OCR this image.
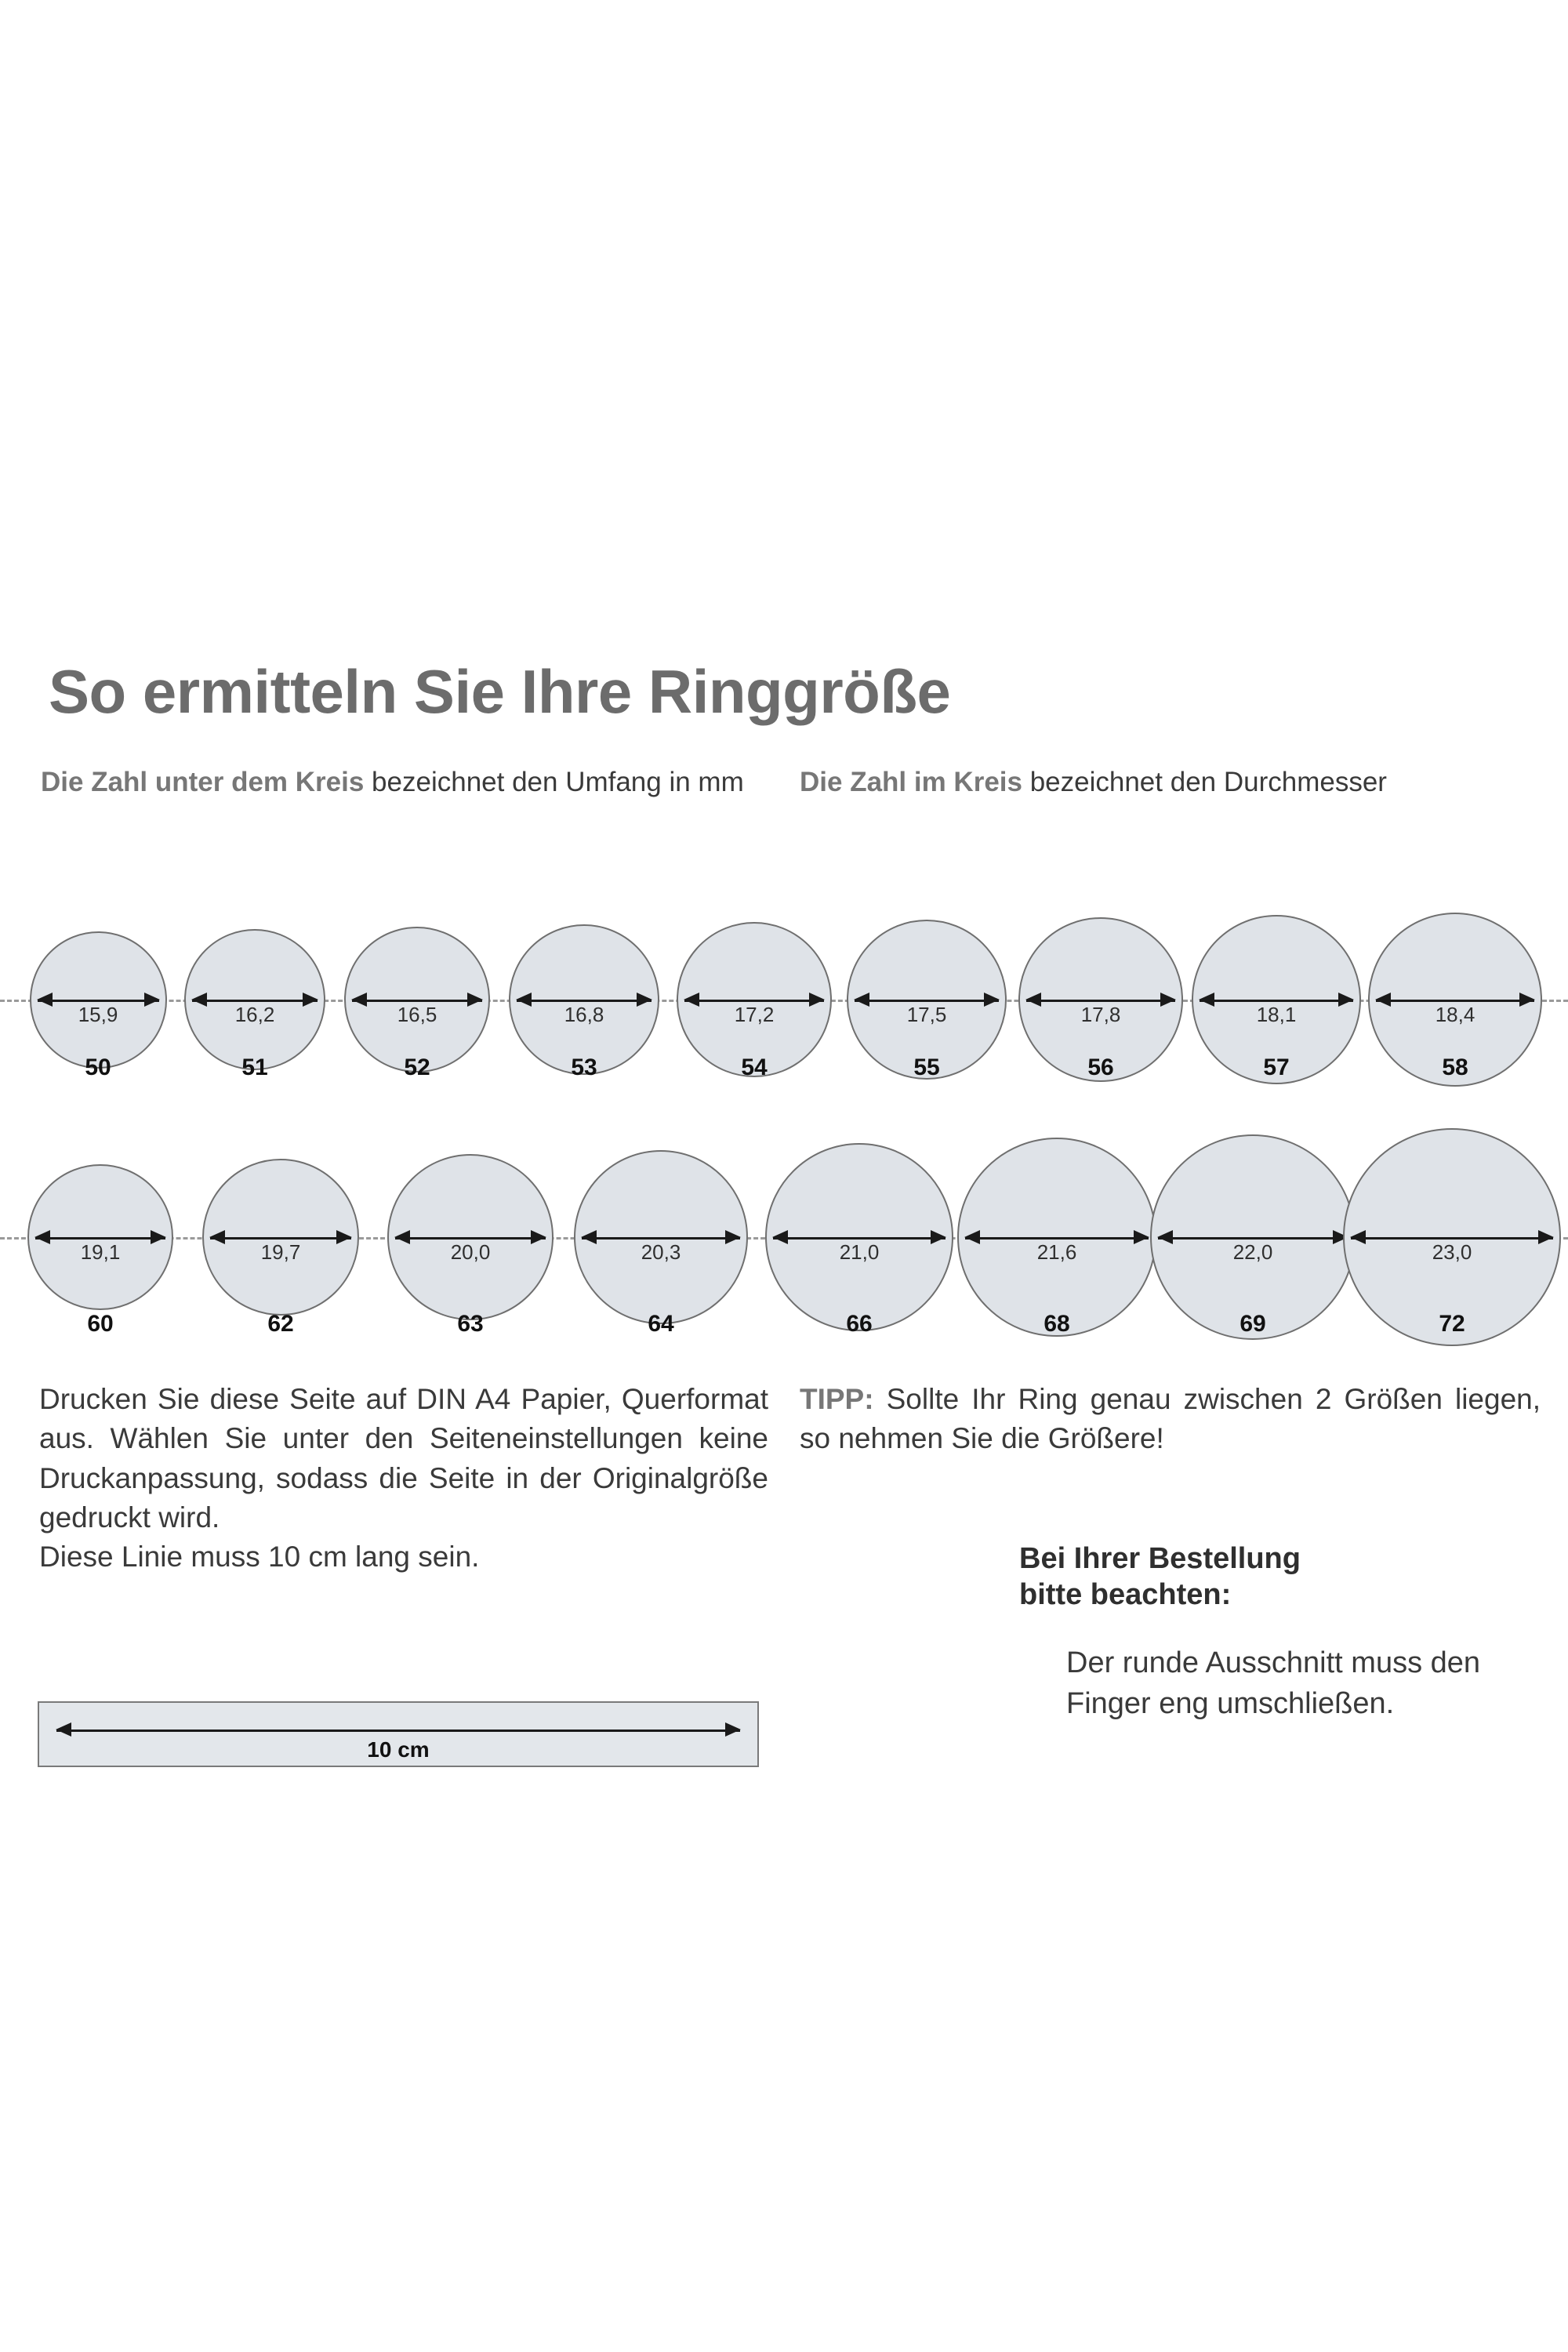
So ermitteln Sie Ihre Ringgröße
Die Zahl unter dem Kreis bezeichnet den Umfang in mm	Die Zahl im Kreis bezeichnet den Durchmesser
15,9
50
16,2
51
16,5
52
16,8
53
17,2
54
17,5
55
17,8
56
18,1
57
18,4
58
19,1
60
19,7
62
20,0
63
20,3
64
21,0
66
21,6
68
22,0
69
23,0
72
Drucken Sie diese Seite auf DIN A4 Papier, Querformat aus. Wählen Sie unter den Seiteneinstellungen keine Druckanpassung, sodass die Seite in der Originalgröße gedruckt wird.
Diese Linie muss 10 cm lang sein.
TIPP: Sollte Ihr Ring genau zwischen 2 Größen liegen, so nehmen Sie die Größere!
Bei Ihrer Bestellung
bitte beachten:
Der runde Ausschnitt muss den Finger eng umschließen.
10 cm
